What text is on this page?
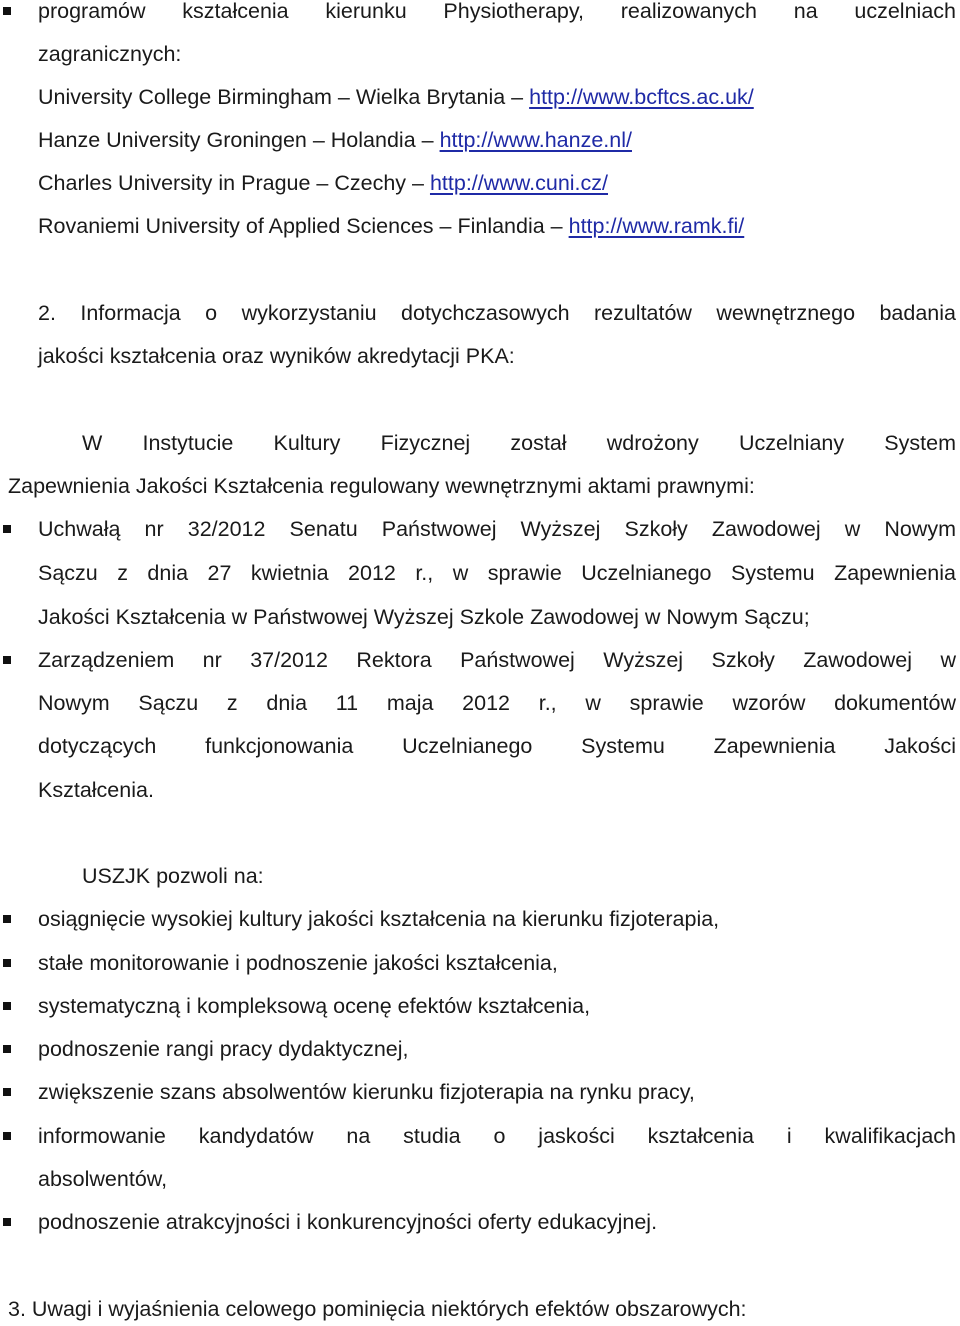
programów kształcenia kierunku Physiotherapy, realizowanych na uczelniach
zagranicznych:
University College Birmingham – Wielka Brytania – http://www.bcftcs.ac.uk/
Hanze University Groningen – Holandia – http://www.hanze.nl/
Charles University in Prague – Czechy – http://www.cuni.cz/
Rovaniemi University of Applied Sciences – Finlandia – http://www.ramk.fi/
2. Informacja o wykorzystaniu dotychczasowych rezultatów wewnętrznego badania
jakości kształcenia oraz wyników akredytacji PKA:
W Instytucie Kultury Fizycznej został wdrożony Uczelniany System
Zapewnienia Jakości Kształcenia regulowany wewnętrznymi aktami prawnymi:
Uchwałą nr 32/2012 Senatu Państwowej Wyższej Szkoły Zawodowej w Nowym
Sączu z dnia 27 kwietnia 2012 r., w sprawie Uczelnianego Systemu Zapewnienia
Jakości Kształcenia w Państwowej Wyższej Szkole Zawodowej w Nowym Sączu;
Zarządzeniem nr 37/2012 Rektora Państwowej Wyższej Szkoły Zawodowej w
Nowym Sączu z dnia 11 maja 2012 r., w sprawie wzorów dokumentów
dotyczących funkcjonowania Uczelnianego Systemu Zapewnienia Jakości
Kształcenia.
USZJK pozwoli na:
osiągnięcie wysokiej kultury jakości kształcenia na kierunku fizjoterapia,
stałe monitorowanie i podnoszenie jakości kształcenia,
systematyczną i kompleksową ocenę efektów kształcenia,
podnoszenie rangi pracy dydaktycznej,
zwiększenie szans absolwentów kierunku fizjoterapia na rynku pracy,
informowanie kandydatów na studia o jaskości kształcenia i kwalifikacjach
absolwentów,
podnoszenie atrakcyjności i konkurencyjności oferty edukacyjnej.
3. Uwagi i wyjaśnienia celowego pominięcia niektórych efektów obszarowych:
